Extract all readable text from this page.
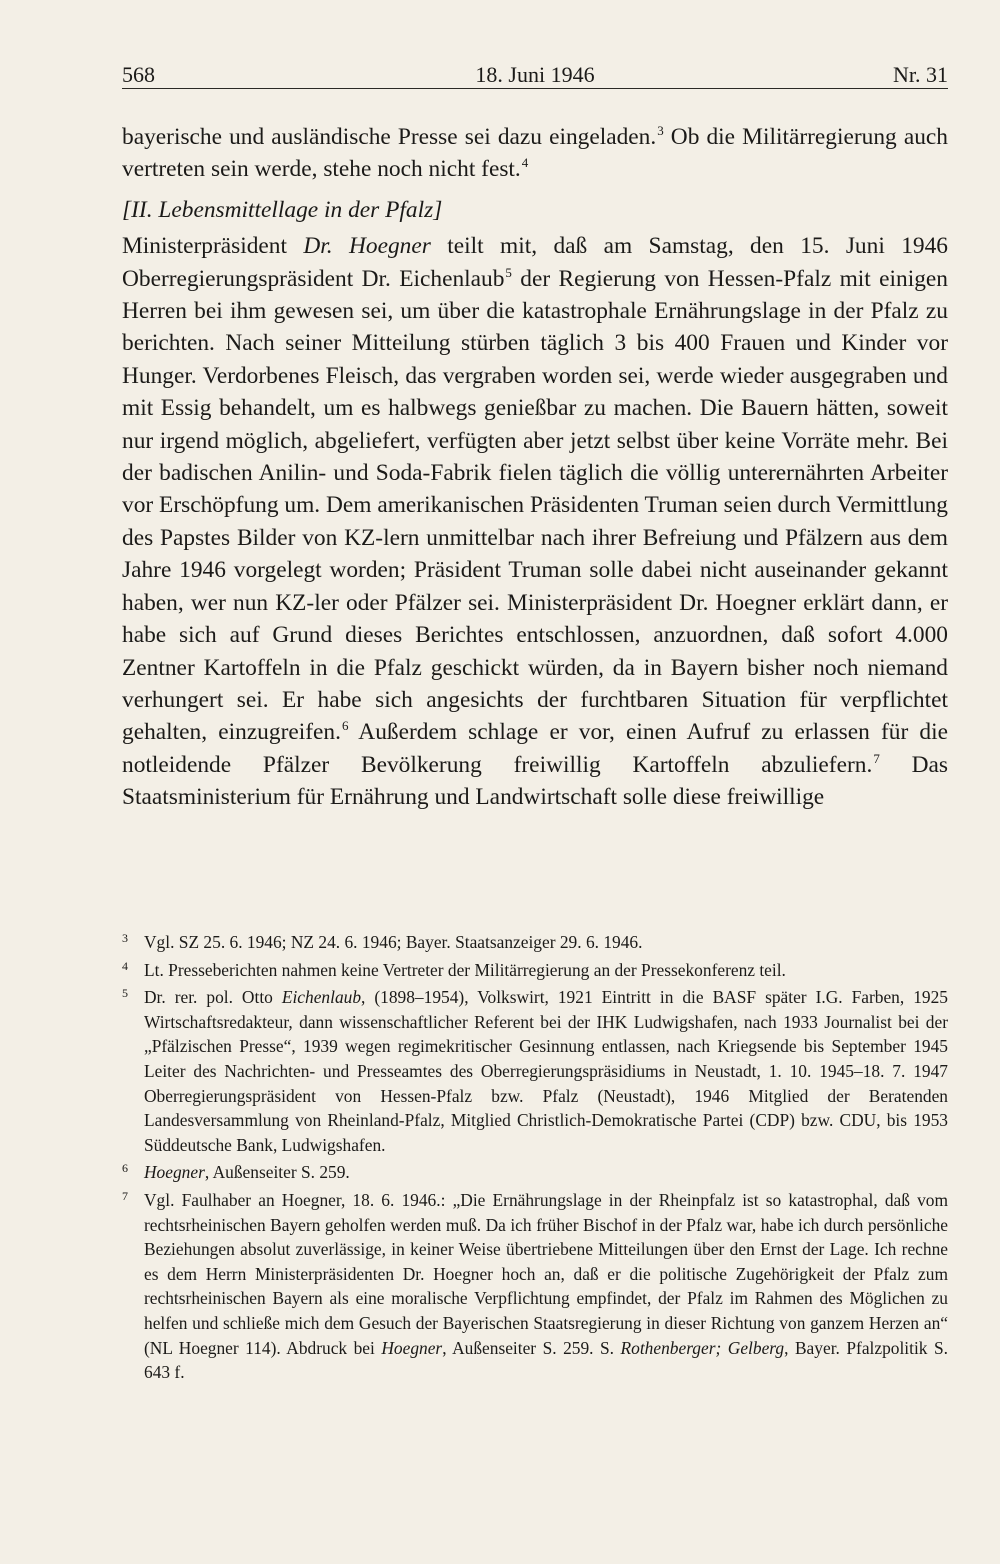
568	18. Juni 1946	Nr. 31

bayerische und ausländische Presse sei dazu eingeladen.$^3$ Ob die Militärregierung auch vertreten sein werde, stehe noch nicht fest.$^4$

[II. Lebensmittellage in der Pfalz]

Ministerpräsident Dr. Hoegner teilt mit, daß am Samstag, den 15. Juni 1946 Oberregierungspräsident Dr. Eichenlaub$^5$ der Regierung von Hessen-Pfalz mit einigen Herren bei ihm gewesen sei, um über die katastrophale Ernährungslage in der Pfalz zu berichten. Nach seiner Mitteilung stürben täglich 3 bis 400 Frauen und Kinder vor Hunger. Verdorbenes Fleisch, das vergraben worden sei, werde wieder ausgegraben und mit Essig behandelt, um es halbwegs genießbar zu machen. Die Bauern hätten, soweit nur irgend möglich, abgeliefert, verfügten aber jetzt selbst über keine Vorräte mehr. Bei der badischen Anilin- und Soda-Fabrik fielen täglich die völlig unterernährten Arbeiter vor Erschöpfung um. Dem amerikanischen Präsidenten Truman seien durch Vermittlung des Papstes Bilder von KZ-lern unmittelbar nach ihrer Befreiung und Pfälzern aus dem Jahre 1946 vorgelegt worden; Präsident Truman solle dabei nicht auseinander gekannt haben, wer nun KZ-ler oder Pfälzer sei. Ministerpräsident Dr. Hoegner erklärt dann, er habe sich auf Grund dieses Berichtes entschlossen, anzuordnen, daß sofort 4.000 Zentner Kartoffeln in die Pfalz geschickt würden, da in Bayern bisher noch niemand verhungert sei. Er habe sich angesichts der furchtbaren Situation für verpflichtet gehalten, einzugreifen.$^6$ Außerdem schlage er vor, einen Aufruf zu erlassen für die notleidende Pfälzer Bevölkerung freiwillig Kartoffeln abzuliefern.$^7$ Das Staatsministerium für Ernährung und Landwirtschaft solle diese freiwillige

3 Vgl. SZ 25. 6. 1946; NZ 24. 6. 1946; Bayer. Staatsanzeiger 29. 6. 1946.
4 Lt. Presseberichten nahmen keine Vertreter der Militärregierung an der Pressekonferenz teil.
5 Dr. rer. pol. Otto Eichenlaub, (1898–1954), Volkswirt, 1921 Eintritt in die BASF später I.G. Farben, 1925 Wirtschaftsredakteur, dann wissenschaftlicher Referent bei der IHK Ludwigshafen, nach 1933 Journalist bei der „Pfälzischen Presse“, 1939 wegen regimekritischer Gesinnung entlassen, nach Kriegsende bis September 1945 Leiter des Nachrichten- und Presseamtes des Oberregierungspräsidiums in Neustadt, 1. 10. 1945–18. 7. 1947 Oberregierungspräsident von Hessen-Pfalz bzw. Pfalz (Neustadt), 1946 Mitglied der Beratenden Landesversammlung von Rheinland-Pfalz, Mitglied Christlich-Demokratische Partei (CDP) bzw. CDU, bis 1953 Süddeutsche Bank, Ludwigshafen.
6 Hoegner, Außenseiter S. 259.
7 Vgl. Faulhaber an Hoegner, 18. 6. 1946.: „Die Ernährungslage in der Rheinpfalz ist so katastrophal, daß vom rechtsrheinischen Bayern geholfen werden muß. Da ich früher Bischof in der Pfalz war, habe ich durch persönliche Beziehungen absolut zuverlässige, in keiner Weise übertriebene Mitteilungen über den Ernst der Lage. Ich rechne es dem Herrn Ministerpräsidenten Dr. Hoegner hoch an, daß er die politische Zugehörigkeit der Pfalz zum rechtsrheinischen Bayern als eine moralische Verpflichtung empfindet, der Pfalz im Rahmen des Möglichen zu helfen und schließe mich dem Gesuch der Bayerischen Staatsregierung in dieser Richtung von ganzem Herzen an“ (NL Hoegner 114). Abdruck bei Hoegner, Außenseiter S. 259. S. Rothenberger; Gelberg, Bayer. Pfalzpolitik S. 643 f.
